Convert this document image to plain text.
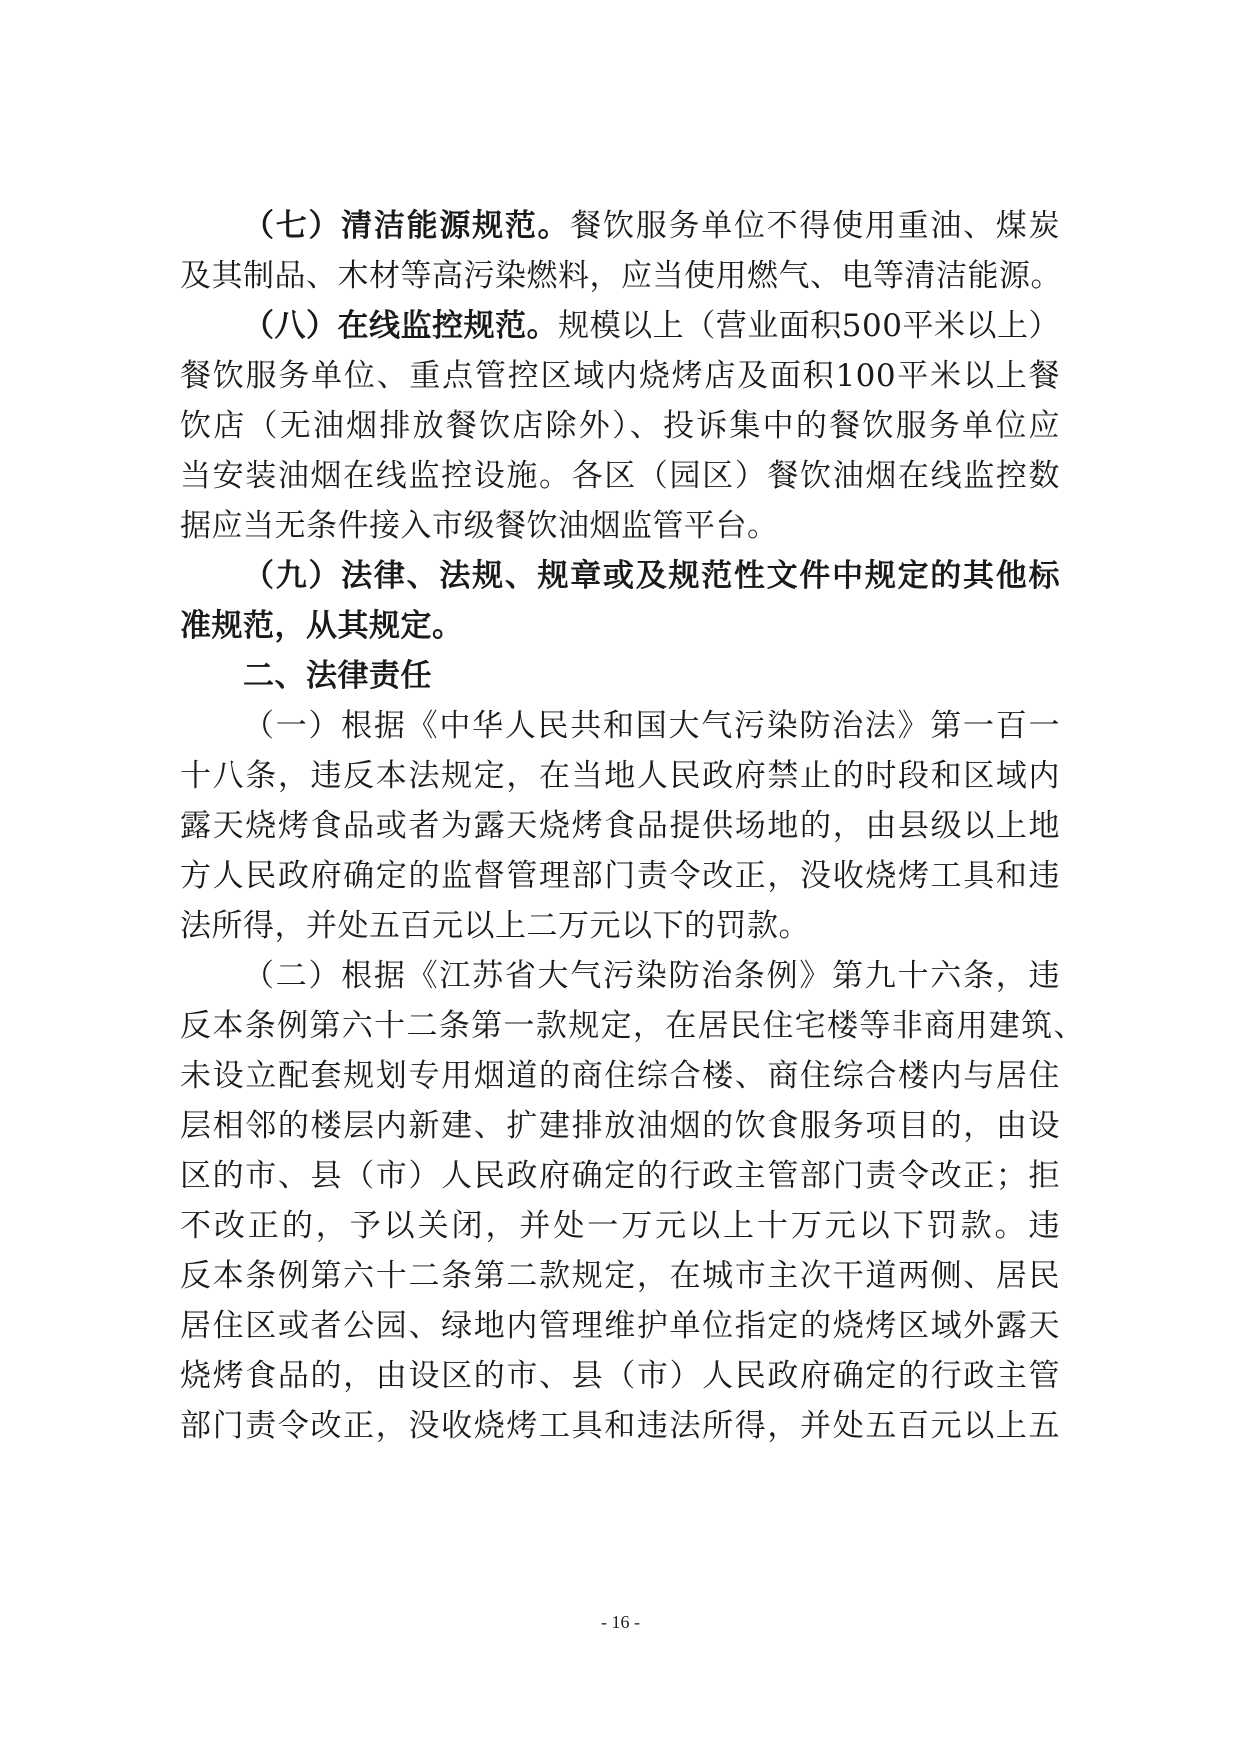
（七）清洁能源规范。餐饮服务单位不得使用重油、煤炭
及其制品、木材等高污染燃料，应当使用燃气、电等清洁能源。
（八）在线监控规范。规模以上（营业面积500平米以上）
餐饮服务单位、重点管控区域内烧烤店及面积100平米以上餐
饮店（无油烟排放餐饮店除外）、投诉集中的餐饮服务单位应
当安装油烟在线监控设施。各区（园区）餐饮油烟在线监控数
据应当无条件接入市级餐饮油烟监管平台。
（九）法律、法规、规章或及规范性文件中规定的其他标
准规范，从其规定。
二、法律责任
（一）根据《中华人民共和国大气污染防治法》第一百一
十八条，违反本法规定，在当地人民政府禁止的时段和区域内
露天烧烤食品或者为露天烧烤食品提供场地的，由县级以上地
方人民政府确定的监督管理部门责令改正，没收烧烤工具和违
法所得，并处五百元以上二万元以下的罚款。
（二）根据《江苏省大气污染防治条例》第九十六条，违
反本条例第六十二条第一款规定，在居民住宅楼等非商用建筑、
未设立配套规划专用烟道的商住综合楼、商住综合楼内与居住
层相邻的楼层内新建、扩建排放油烟的饮食服务项目的，由设
区的市、县（市）人民政府确定的行政主管部门责令改正；拒
不改正的，予以关闭，并处一万元以上十万元以下罚款。违
反本条例第六十二条第二款规定，在城市主次干道两侧、居民
居住区或者公园、绿地内管理维护单位指定的烧烤区域外露天
烧烤食品的，由设区的市、县（市）人民政府确定的行政主管
部门责令改正，没收烧烤工具和违法所得，并处五百元以上五
- 16 -
